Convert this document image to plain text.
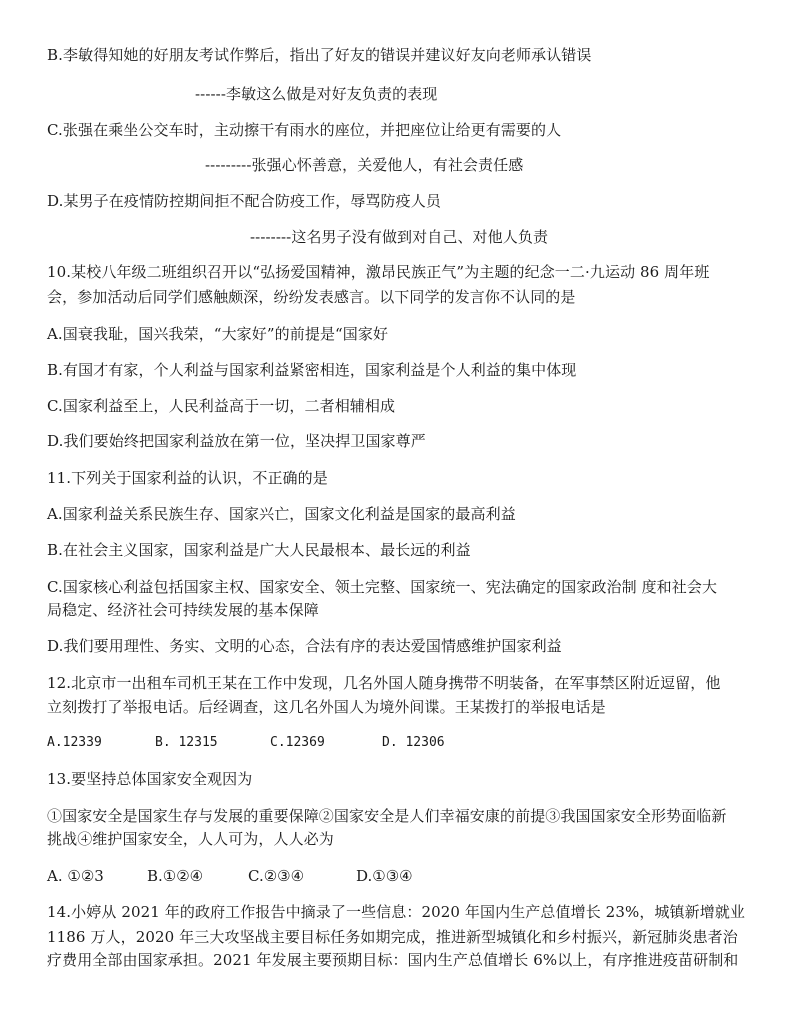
B.李敏得知她的好朋友考试作弊后，指出了好友的错误并建议好友向老师承认错误
------李敏这么做是对好友负责的表现
C.张强在乘坐公交车时，主动擦干有雨水的座位，并把座位让给更有需要的人
---------张强心怀善意，关爱他人，有社会责任感
D.某男子在疫情防控期间拒不配合防疫工作，辱骂防疫人员
--------这名男子没有做到对自己、对他人负责
10.某校八年级二班组织召开以“弘扬爱国精神，激昂民族正气”为主题的纪念一二·九运动 86 周年班
会，参加活动后同学们感触颇深，纷纷发表感言。以下同学的发言你不认同的是
A.国衰我耻，国兴我荣，“大家好”的前提是“国家好
B.有国才有家，个人利益与国家利益紧密相连，国家利益是个人利益的集中体现
C.国家利益至上，人民利益高于一切，二者相辅相成
D.我们要始终把国家利益放在第一位，坚决捍卫国家尊严
11.下列关于国家利益的认识，不正确的是
A.国家利益关系民族生存、国家兴亡，国家文化利益是国家的最高利益
B.在社会主义国家，国家利益是广大人民最根本、最长远的利益
C.国家核心利益包括国家主权、国家安全、领土完整、国家统一、宪法确定的国家政治制 度和社会大
局稳定、经济社会可持续发展的基本保障
D.我们要用理性、务实、文明的心态，合法有序的表达爱国情感维护国家利益
12.北京市一出租车司机王某在工作中发现，几名外国人随身携带不明装备，在军事禁区附近逗留，他
立刻拨打了举报电话。后经调查，这几名外国人为境外间谍。王某拨打的举报电话是
A.12339	B. 12315	C.12369	D. 12306
13.要坚持总体国家安全观因为
①国家安全是国家生存与发展的重要保障②国家安全是人们幸福安康的前提③我国国家安全形势面临新
挑战④维护国家安全，人人可为，人人必为
A. ①②3	B.①②④	C.②③④	D.①③④
14.小婷从 2021 年的政府工作报告中摘录了一些信息：2020 年国内生产总值增长 23%，城镇新增就业
1186 万人，2020 年三大攻坚战主要目标任务如期完成，推进新型城镇化和乡村振兴，新冠肺炎患者治
疗费用全部由国家承担。2021 年发展主要预期目标：国内生产总值增长 6%以上，有序推进疫苗研制和
